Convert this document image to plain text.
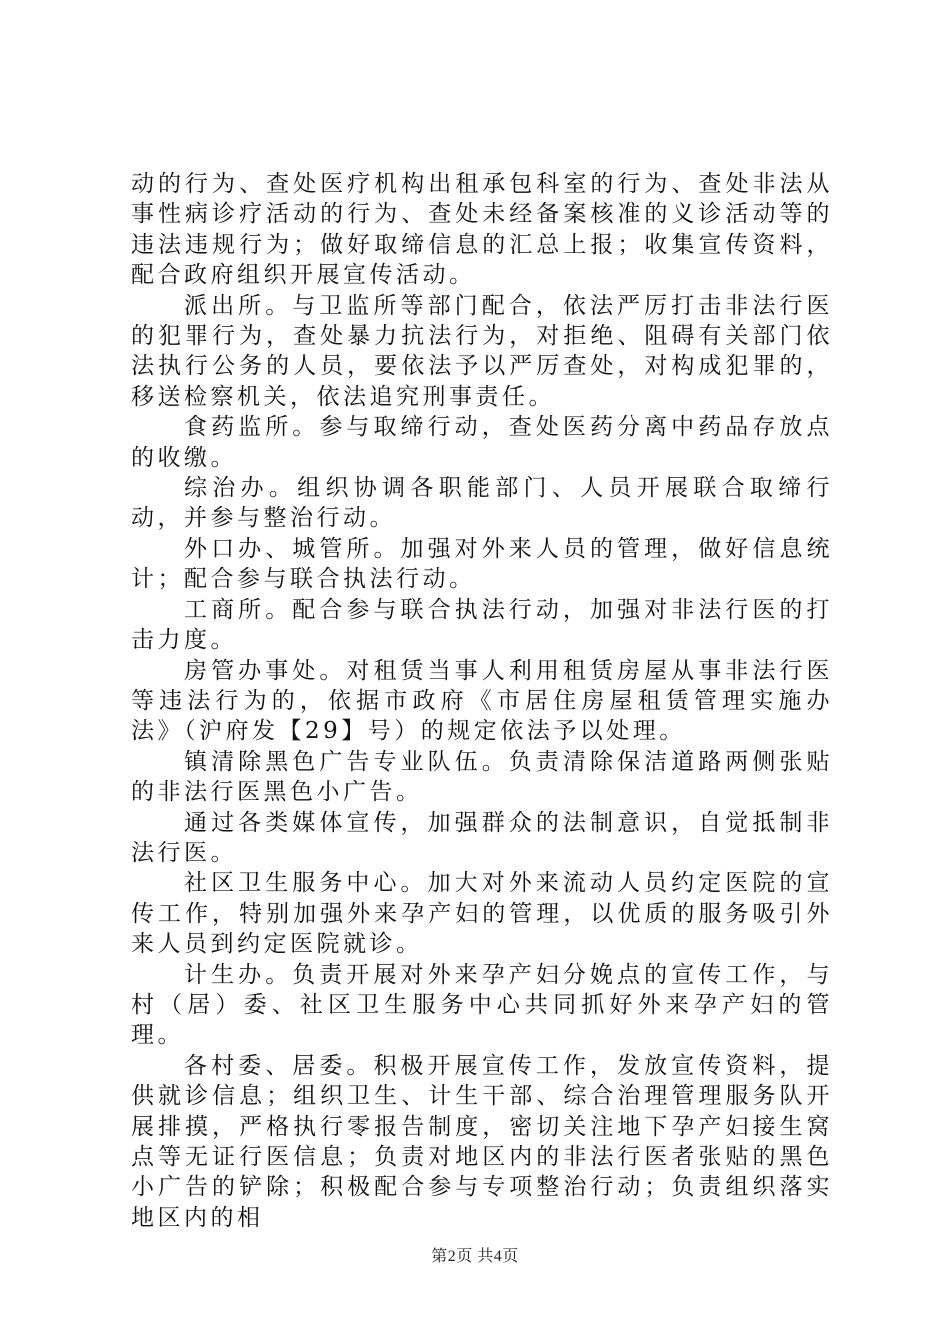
动的行为、查处医疗机构出租承包科室的行为、查处非法从事性病诊疗活动的行为、查处未经备案核准的义诊活动等的违法违规行为；做好取缔信息的汇总上报；收集宣传资料，配合政府组织开展宣传活动。

派出所。与卫监所等部门配合，依法严厉打击非法行医的犯罪行为，查处暴力抗法行为，对拒绝、阻碍有关部门依法执行公务的人员，要依法予以严厉查处，对构成犯罪的，移送检察机关，依法追究刑事责任。

食药监所。参与取缔行动，查处医药分离中药品存放点的收缴。

综治办。组织协调各职能部门、人员开展联合取缔行动，并参与整治行动。

外口办、城管所。加强对外来人员的管理，做好信息统计；配合参与联合执法行动。

工商所。配合参与联合执法行动，加强对非法行医的打击力度。

房管办事处。对租赁当事人利用租赁房屋从事非法行医等违法行为的，依据市政府《市居住房屋租赁管理实施办法》（沪府发【29】号）的规定依法予以处理。

镇清除黑色广告专业队伍。负责清除保洁道路两侧张贴的非法行医黑色小广告。

通过各类媒体宣传，加强群众的法制意识，自觉抵制非法行医。

社区卫生服务中心。加大对外来流动人员约定医院的宣传工作，特别加强外来孕产妇的管理，以优质的服务吸引外来人员到约定医院就诊。

计生办。负责开展对外来孕产妇分娩点的宣传工作，与村（居）委、社区卫生服务中心共同抓好外来孕产妇的管理。

各村委、居委。积极开展宣传工作，发放宣传资料，提供就诊信息；组织卫生、计生干部、综合治理管理服务队开展排摸，严格执行零报告制度，密切关注地下孕产妇接生窝点等无证行医信息；负责对地区内的非法行医者张贴的黑色小广告的铲除；积极配合参与专项整治行动；负责组织落实地区内的相

第2页 共4页
